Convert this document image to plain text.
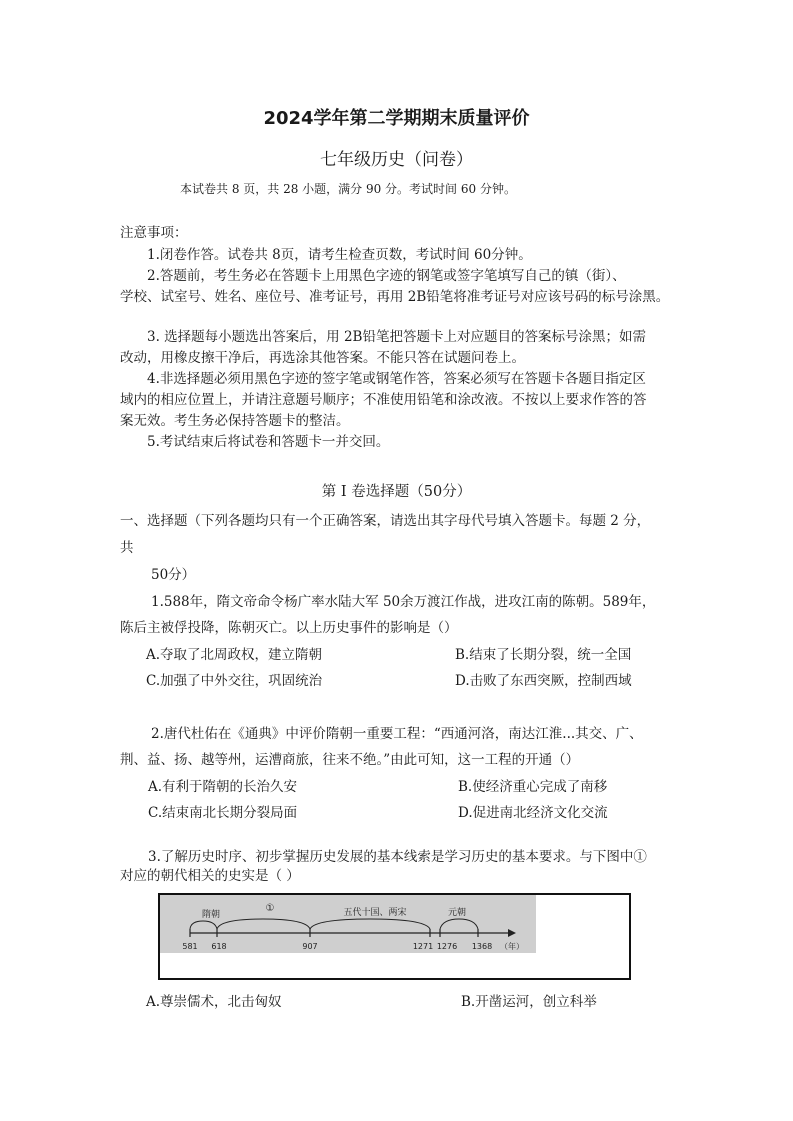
2024学年第二学期期末质量评价
七年级历史（问卷）
本试卷共 8 页，共 28 小题，满分 90 分。考试时间 60 分钟。
注意事项：
1.闭卷作答。试卷共 8页，请考生检查页数，考试时间 60分钟。
2.答题前，考生务必在答题卡上用黑色字迹的钢笔或签字笔填写自己的镇（街）、
学校、试室号、姓名、座位号、准考证号，再用 2B铅笔将准考证号对应该号码的标号涂黑。
3. 选择题每小题选出答案后，用 2B铅笔把答题卡上对应题目的答案标号涂黑；如需
改动，用橡皮擦干净后，再选涂其他答案。不能只答在试题问卷上。
4.非选择题必须用黑色字迹的签字笔或钢笔作答，答案必须写在答题卡各题目指定区
域内的相应位置上，并请注意题号顺序；不准使用铅笔和涂改液。不按以上要求作答的答
案无效。考生务必保持答题卡的整洁。
5.考试结束后将试卷和答题卡一并交回。
第 I 卷选择题（50分）
一、选择题（下列各题均只有一个正确答案，请选出其字母代号填入答题卡。每题 2 分，
共
50分）
1.588年，隋文帝命令杨广率水陆大军 50余万渡江作战，进攻江南的陈朝。589年，
陈后主被俘投降，陈朝灭亡。以上历史事件的影响是（）
A.夺取了北周政权，建立隋朝	B.结束了长期分裂，统一全国
C.加强了中外交往，巩固统治	D.击败了东西突厥，控制西域
2.唐代杜佑在《通典》中评价隋朝一重要工程：“西通河洛，南达江淮...其交、广、
荆、益、扬、越等州，运漕商旅，往来不绝。”由此可知，这一工程的开通（）
A.有利于隋朝的长治久安	B.使经济重心完成了南移
C.结束南北长期分裂局面	D.促进南北经济文化交流
3.了解历史时序、初步掌握历史发展的基本线索是学习历史的基本要求。与下图中①
对应的朝代相关的史实是（ ）
隋朝
①	五代十国、两宋	元朝
581 618	907	1271 1276 1368 （年）
A.尊崇儒术，北击匈奴	B.开凿运河，创立科举
